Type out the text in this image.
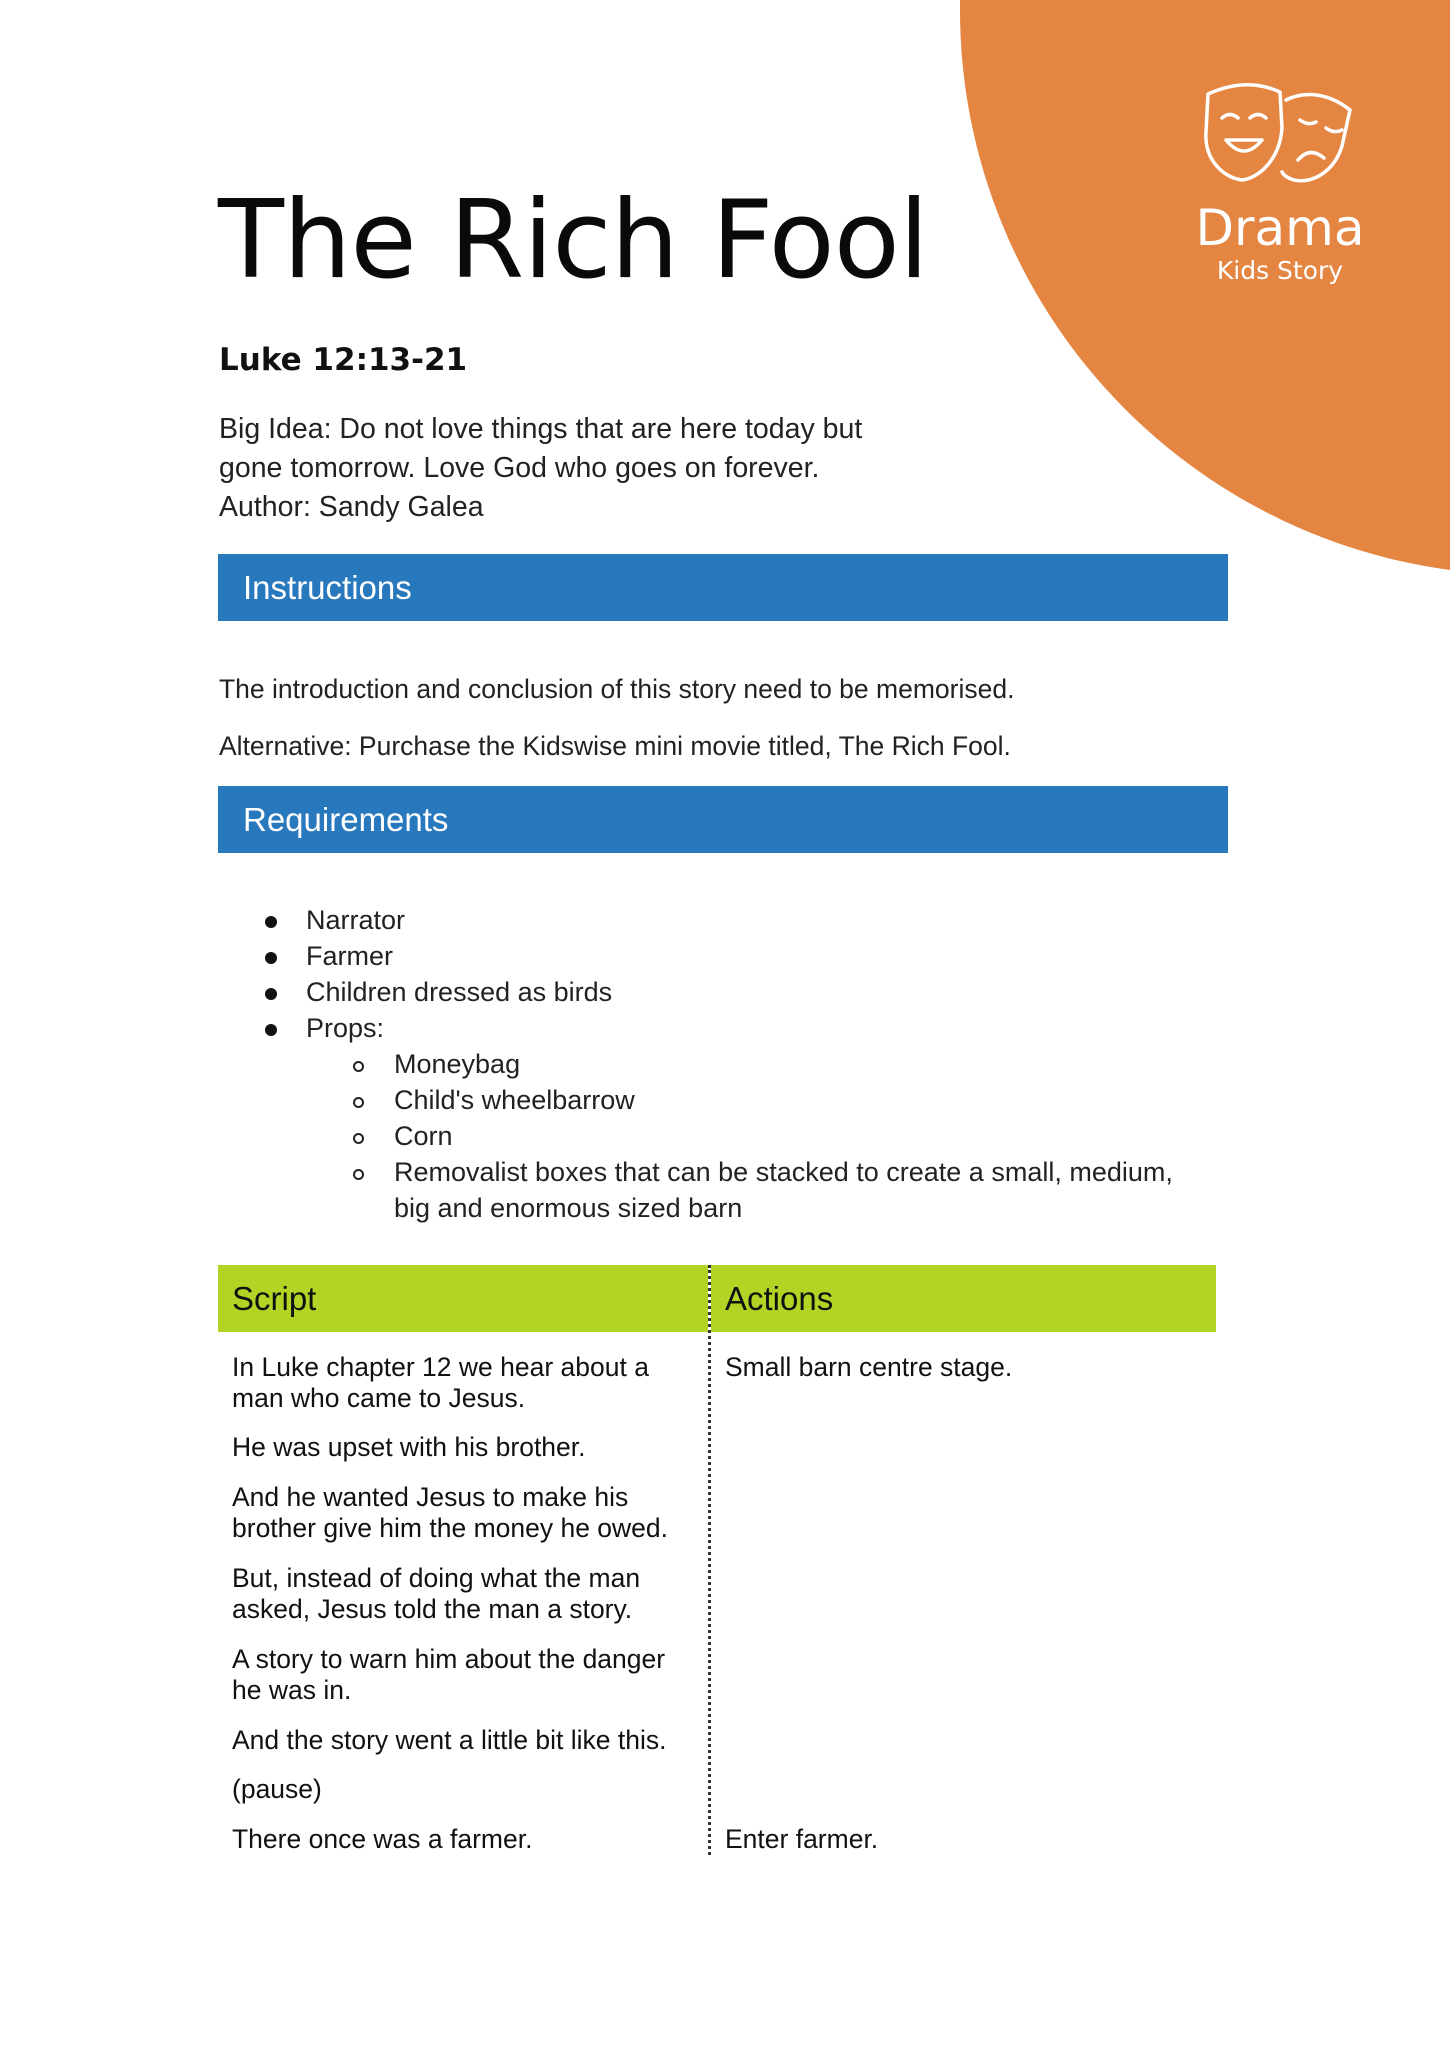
Drama
Kids Story
The Rich Fool
Luke 12:13-21
Big Idea: Do not love things that are here today but
gone tomorrow. Love God who goes on forever.
Author: Sandy Galea
Instructions
The introduction and conclusion of this story need to be memorised.
Alternative: Purchase the Kidswise mini movie titled, The Rich Fool.
Requirements
Narrator
Farmer
Children dressed as birds
Props:
Moneybag
Child's wheelbarrow
Corn
Removalist boxes that can be stacked to create a small, medium,
big and enormous sized barn
Script	Actions
In Luke chapter 12 we hear about a
man who came to Jesus.
He was upset with his brother.
And he wanted Jesus to make his
brother give him the money he owed.
But, instead of doing what the man
asked, Jesus told the man a story.
A story to warn him about the danger
he was in.
And the story went a little bit like this.
(pause)
There once was a farmer.
Small barn centre stage.
Enter farmer.
